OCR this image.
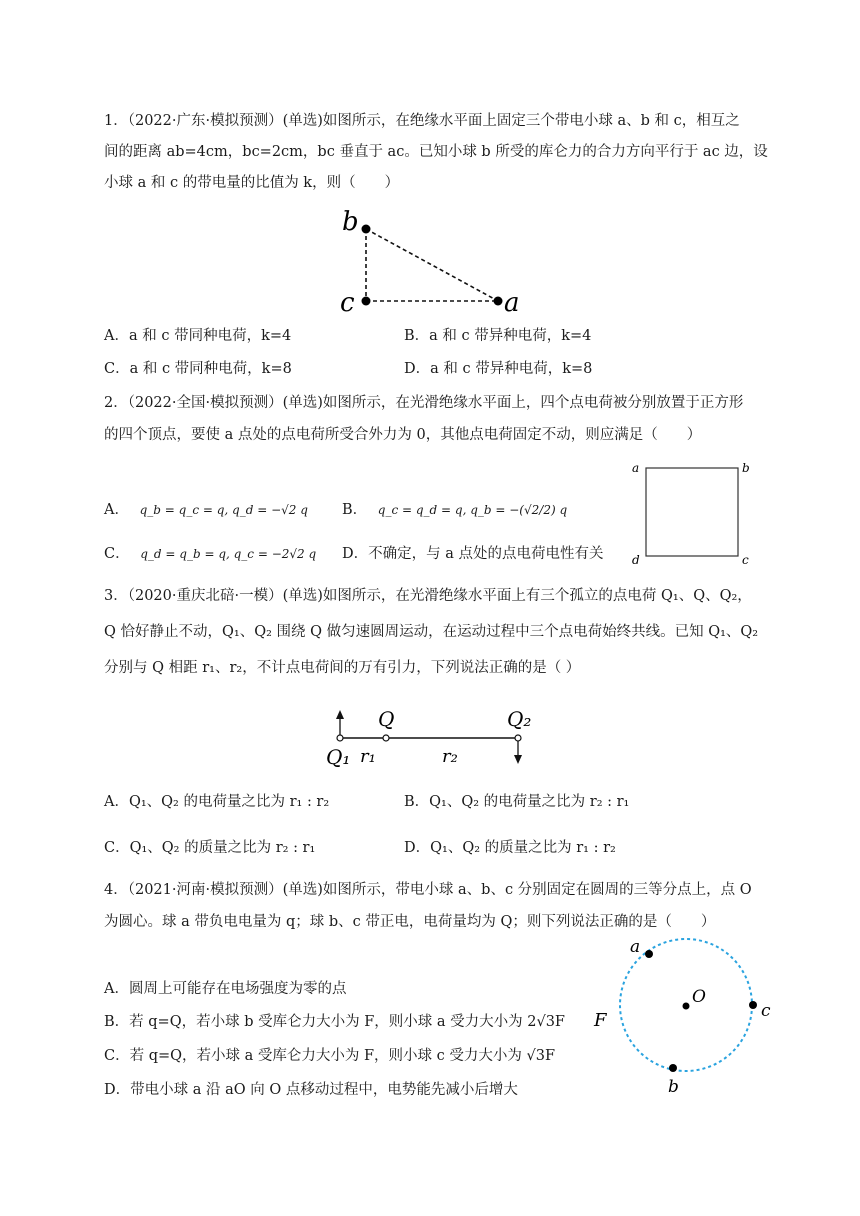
1．（2022·广东·模拟预测）(单选)如图所示，在绝缘水平面上固定三个带电小球 a、b 和 c，相互之
间的距离 ab=4cm，bc=2cm，bc 垂直于 ac。已知小球 b 所受的库仑力的合力方向平行于 ac 边，设
小球 a 和 c 的带电量的比值为 k，则（　　）
b
c	a
A．a 和 c 带同种电荷，k=4	B．a 和 c 带异种电荷，k=4
C．a 和 c 带同种电荷，k=8	D．a 和 c 带异种电荷，k=8
2．（2022·全国·模拟预测）(单选)如图所示，在光滑绝缘水平面上，四个点电荷被分别放置于正方形
的四个顶点，要使 a 点处的点电荷所受合外力为 0，其他点电荷固定不动，则应满足（　　）
A． q_b = q_c = q, q_d = −√2 q B． q_c = q_d = q, q_b = −(√2/2) q
C． q_d = q_b = q, q_c = −2√2 q D．不确定，与 a 点处的点电荷电性有关
a	b
d	c
3．（2020·重庆北碚·一模）(单选)如图所示，在光滑绝缘水平面上有三个孤立的点电荷 Q₁、Q、Q₂，
Q 恰好静止不动，Q₁、Q₂ 围绕 Q 做匀速圆周运动，在运动过程中三个点电荷始终共线。已知 Q₁、Q₂
分别与 Q 相距 r₁、r₂，不计点电荷间的万有引力，下列说法正确的是（ ）
Q	Q₂
Q₁ r₁	r₂
A．Q₁、Q₂ 的电荷量之比为 r₁ : r₂	B．Q₁、Q₂ 的电荷量之比为 r₂ : r₁
C．Q₁、Q₂ 的质量之比为 r₂ : r₁	D．Q₁、Q₂ 的质量之比为 r₁ : r₂
4．（2021·河南·模拟预测）(单选)如图所示，带电小球 a、b、c 分别固定在圆周的三等分点上，点 O
为圆心。球 a 带负电电量为 q；球 b、c 带正电，电荷量均为 Q；则下列说法正确的是（　　）
A．圆周上可能存在电场强度为零的点
B．若 q=Q，若小球 b 受库仑力大小为 F，则小球 a 受力大小为 2√3F
C．若 q=Q，若小球 a 受库仑力大小为 F，则小球 c 受力大小为 √3F
D．带电小球 a 沿 aO 向 O 点移动过程中，电势能先减小后增大
a
O
c
b
F
